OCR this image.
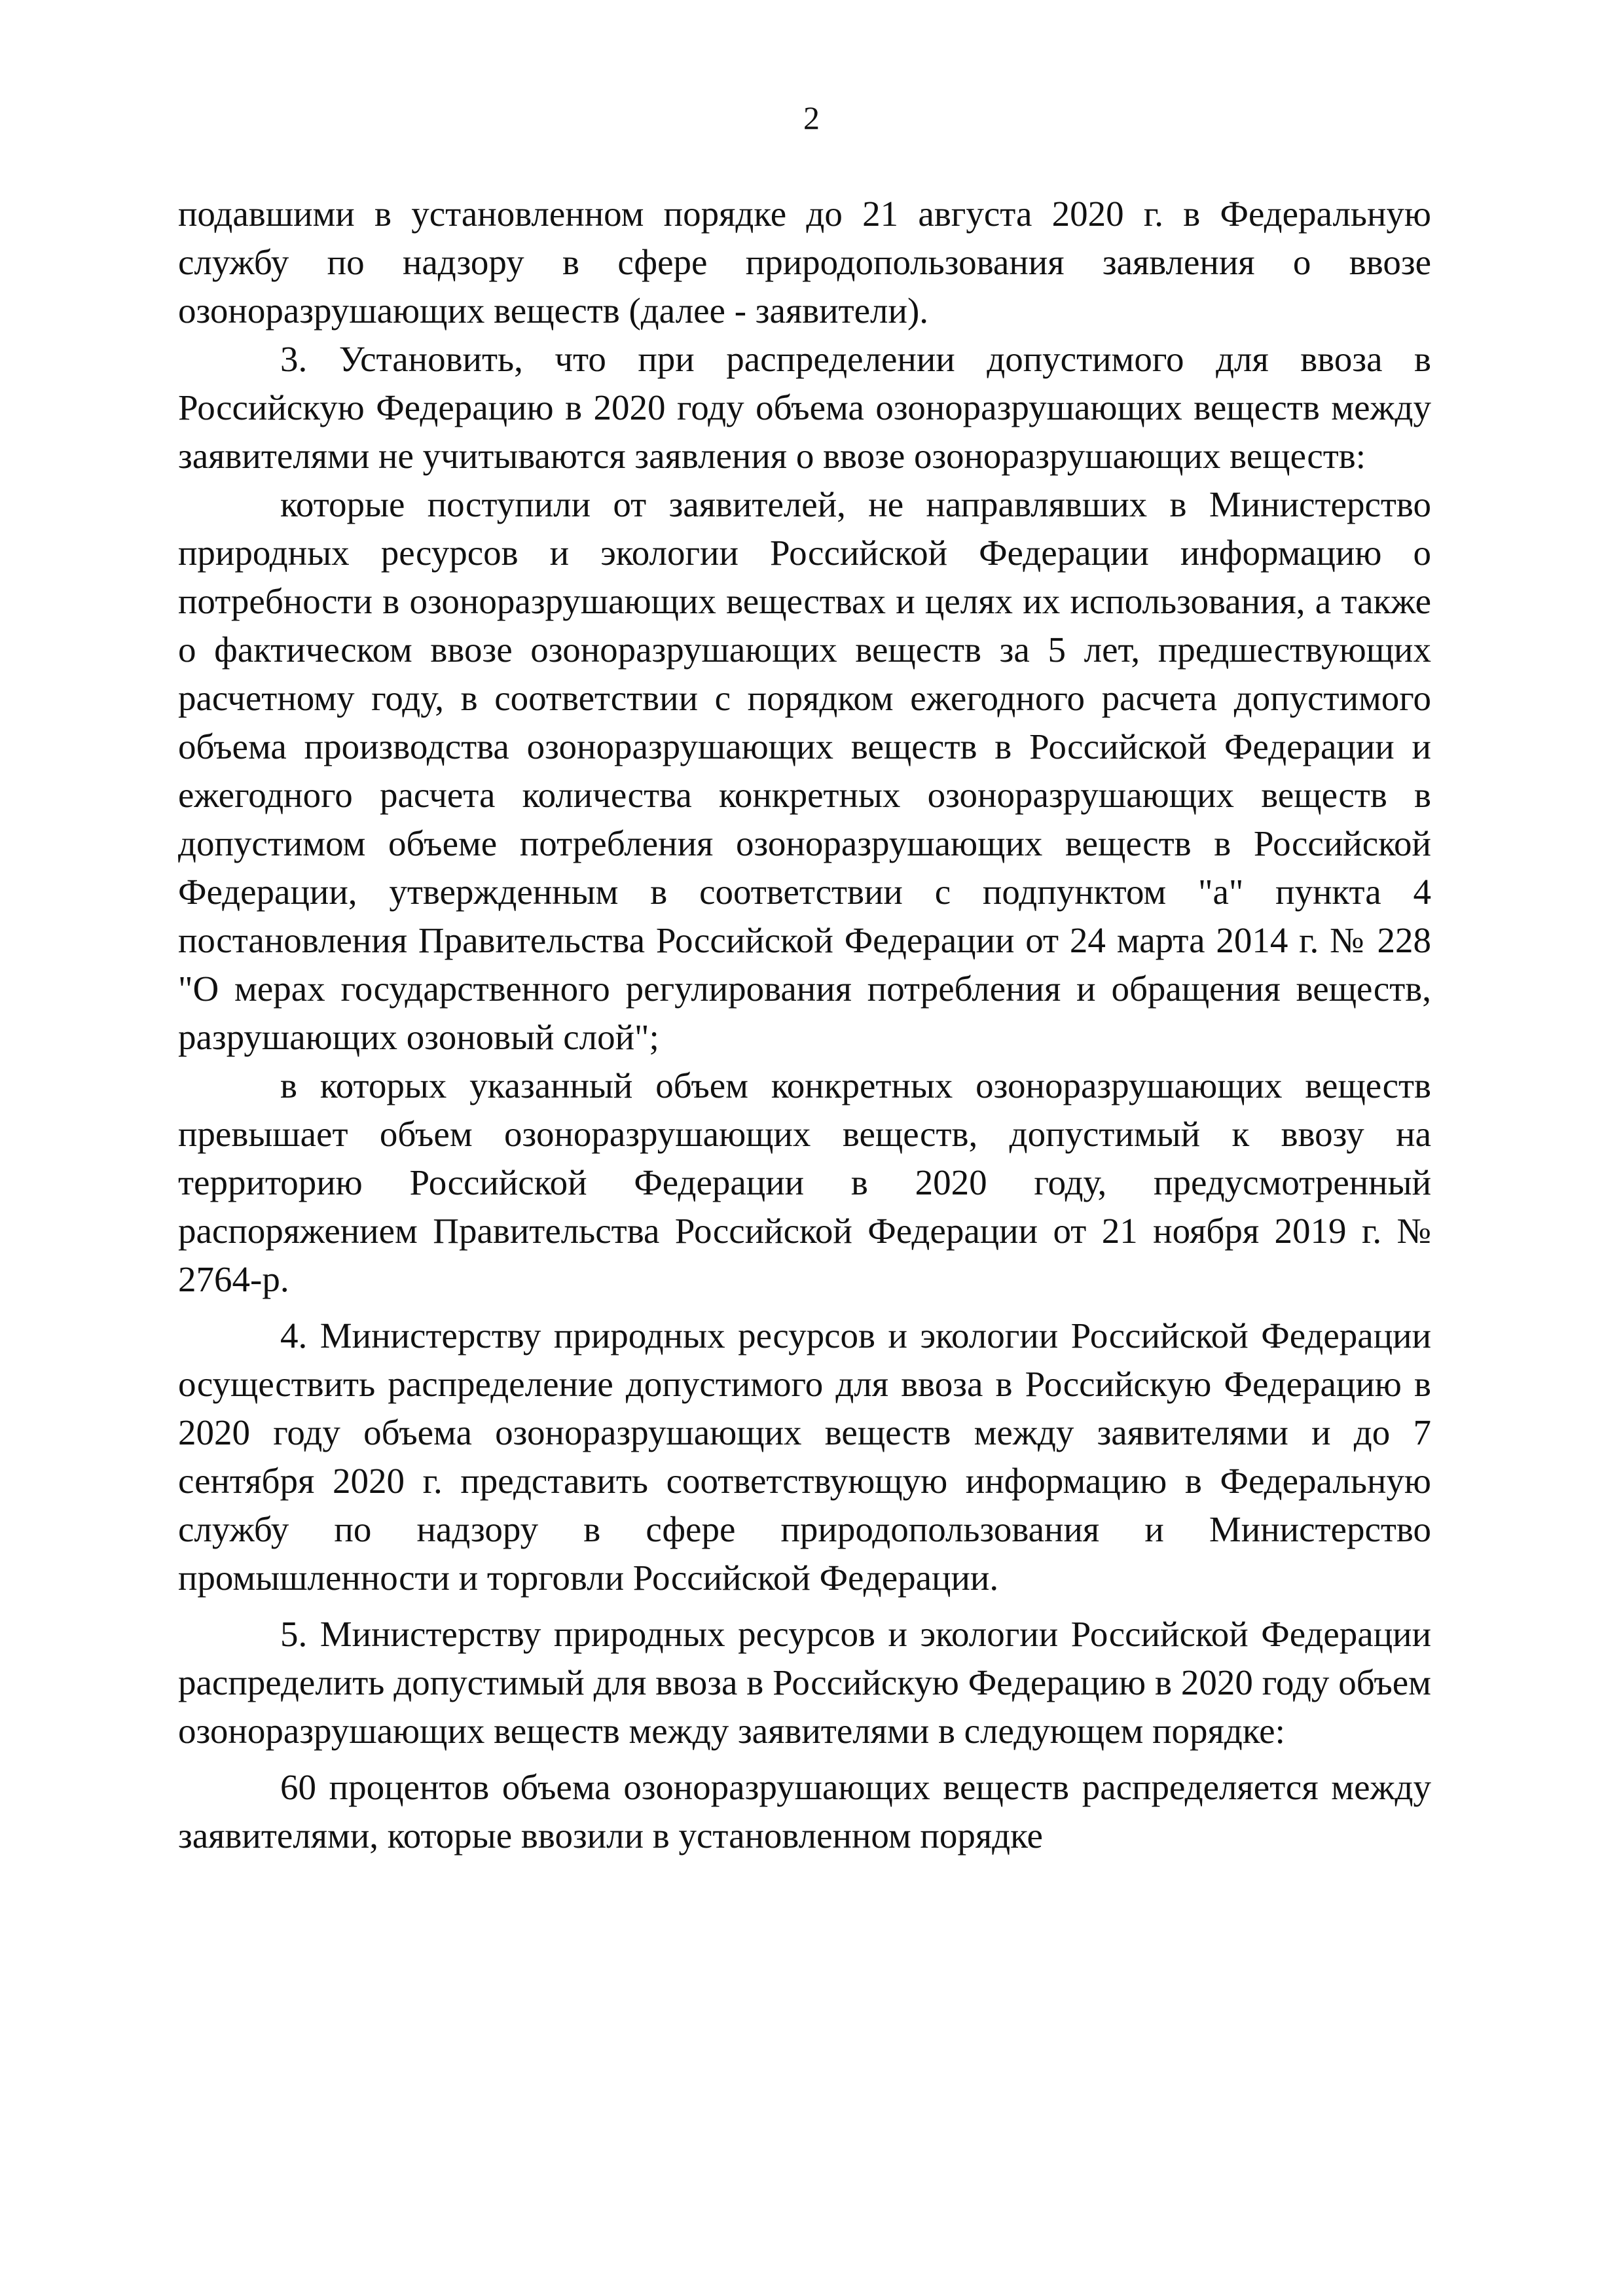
2

подавшими в установленном порядке до 21 августа 2020 г. в Федеральную службу по надзору в сфере природопользования заявления о ввозе озоноразрушающих веществ (далее - заявители).

3. Установить, что при распределении допустимого для ввоза в Российскую Федерацию в 2020 году объема озоноразрушающих веществ между заявителями не учитываются заявления о ввозе озоноразрушающих веществ:

которые поступили от заявителей, не направлявших в Министерство природных ресурсов и экологии Российской Федерации информацию о потребности в озоноразрушающих веществах и целях их использования, а также о фактическом ввозе озоноразрушающих веществ за 5 лет, предшествующих расчетному году, в соответствии с порядком ежегодного расчета допустимого объема производства озоноразрушающих веществ в Российской Федерации и ежегодного расчета количества конкретных озоноразрушающих веществ в допустимом объеме потребления озоноразрушающих веществ в Российской Федерации, утвержденным в соответствии с подпунктом "а" пункта 4 постановления Правительства Российской Федерации от 24 марта 2014 г. № 228 "О мерах государственного регулирования потребления и обращения веществ, разрушающих озоновый слой";

в которых указанный объем конкретных озоноразрушающих веществ превышает объем озоноразрушающих веществ, допустимый к ввозу на территорию Российской Федерации в 2020 году, предусмотренный распоряжением Правительства Российской Федерации от 21 ноября 2019 г. № 2764-р.

4. Министерству природных ресурсов и экологии Российской Федерации осуществить распределение допустимого для ввоза в Российскую Федерацию в 2020 году объема озоноразрушающих веществ между заявителями и до 7 сентября 2020 г. представить соответствующую информацию в Федеральную службу по надзору в сфере природопользования и Министерство промышленности и торговли Российской Федерации.

5. Министерству природных ресурсов и экологии Российской Федерации распределить допустимый для ввоза в Российскую Федерацию в 2020 году объем озоноразрушающих веществ между заявителями в следующем порядке:

60 процентов объема озоноразрушающих веществ распределяется между заявителями, которые ввозили в установленном порядке
